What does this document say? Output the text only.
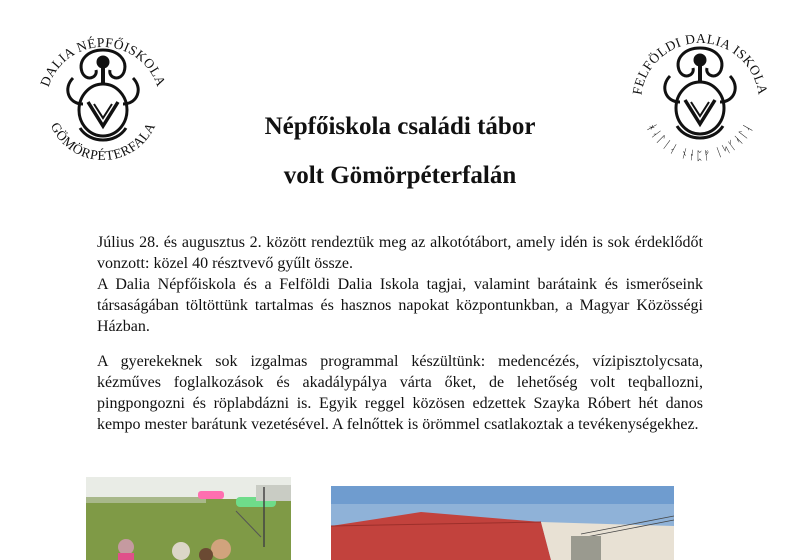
DALIA NÉPFŐISKOLA
GÖMÖRPÉTERFALA
FELFÖLDI DALIA ISKOLA
ᚼᛆᛚᛁᛆ ᚾᛂᛈᚠ ᛁᛋᚴᚮᛚᛆ
Népfőiskola családi tábor
volt Gömörpéterfalán

Július 28. és augusztus 2. között rendeztük meg az alkotótábort, amely idén is sok érdeklődőt vonzott: közel 40 résztvevő gyűlt össze.
A Dalia Népfőiskola és a Felföldi Dalia Iskola tagjai, valamint barátaink és ismerőseink társaságában töltöttünk tartalmas és hasznos napokat központunkban, a Magyar Közösségi Házban.

A gyerekeknek sok izgalmas programmal készültünk: medencézés, vízipisztolycsata, kézműves foglalkozások és akadálypálya várta őket, de lehetőség volt teqballozni, pingpongozni és röplabdázni is. Egyik reggel közösen edzettek Szayka Róbert hét danos kempo mester barátunk vezetésével. A felnőttek is örömmel csatlakoztak a tevékenységekhez.
